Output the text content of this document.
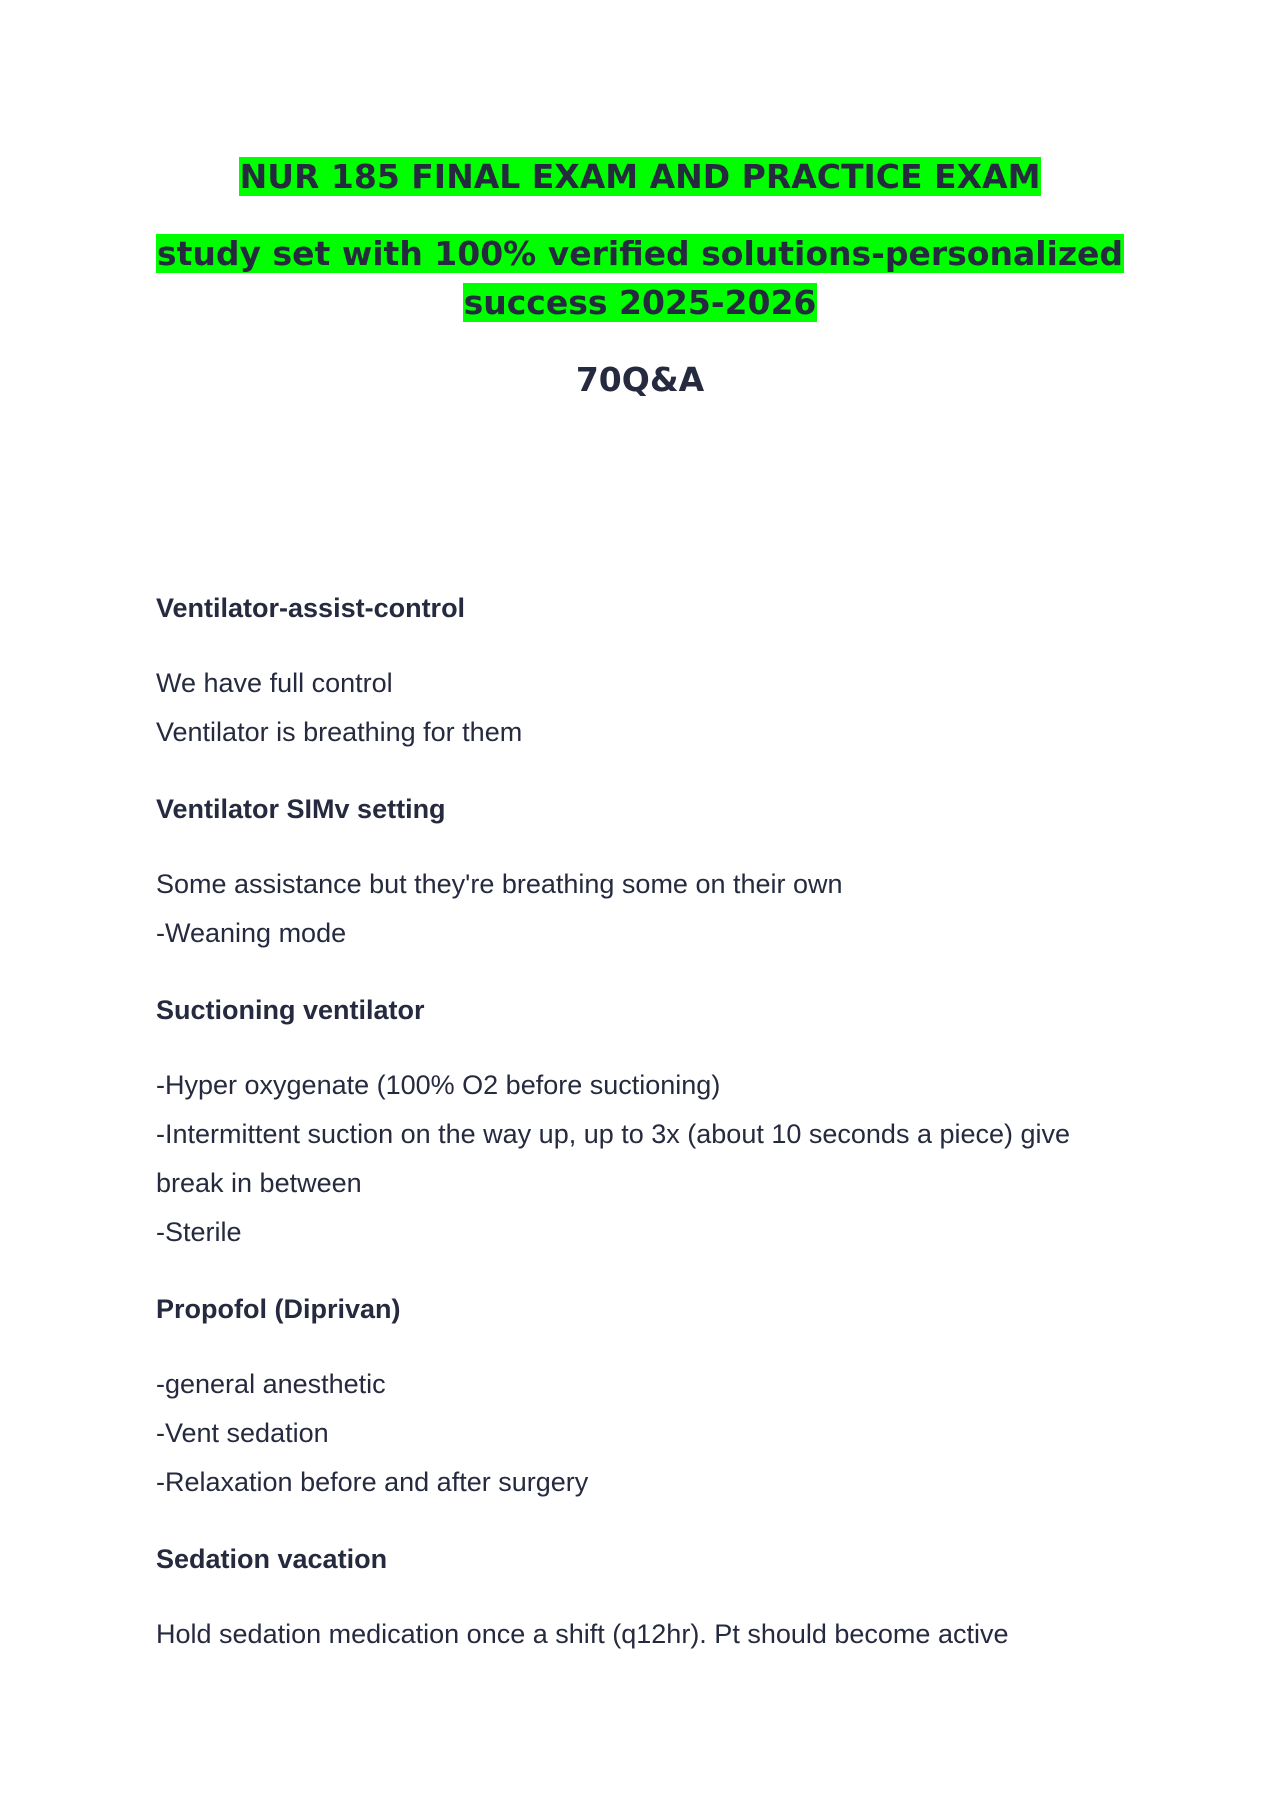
NUR 185 FINAL EXAM AND PRACTICE EXAM

study set with 100% verified solutions-personalized success 2025-2026

70Q&A

Ventilator-assist-control

We have full control
Ventilator is breathing for them

Ventilator SIMv setting

Some assistance but they're breathing some on their own
-Weaning mode

Suctioning ventilator

-Hyper oxygenate (100% O2 before suctioning)
-Intermittent suction on the way up, up to 3x (about 10 seconds a piece) give break in between
-Sterile

Propofol (Diprivan)

-general anesthetic
-Vent sedation
-Relaxation before and after surgery

Sedation vacation

Hold sedation medication once a shift (q12hr). Pt should become active
